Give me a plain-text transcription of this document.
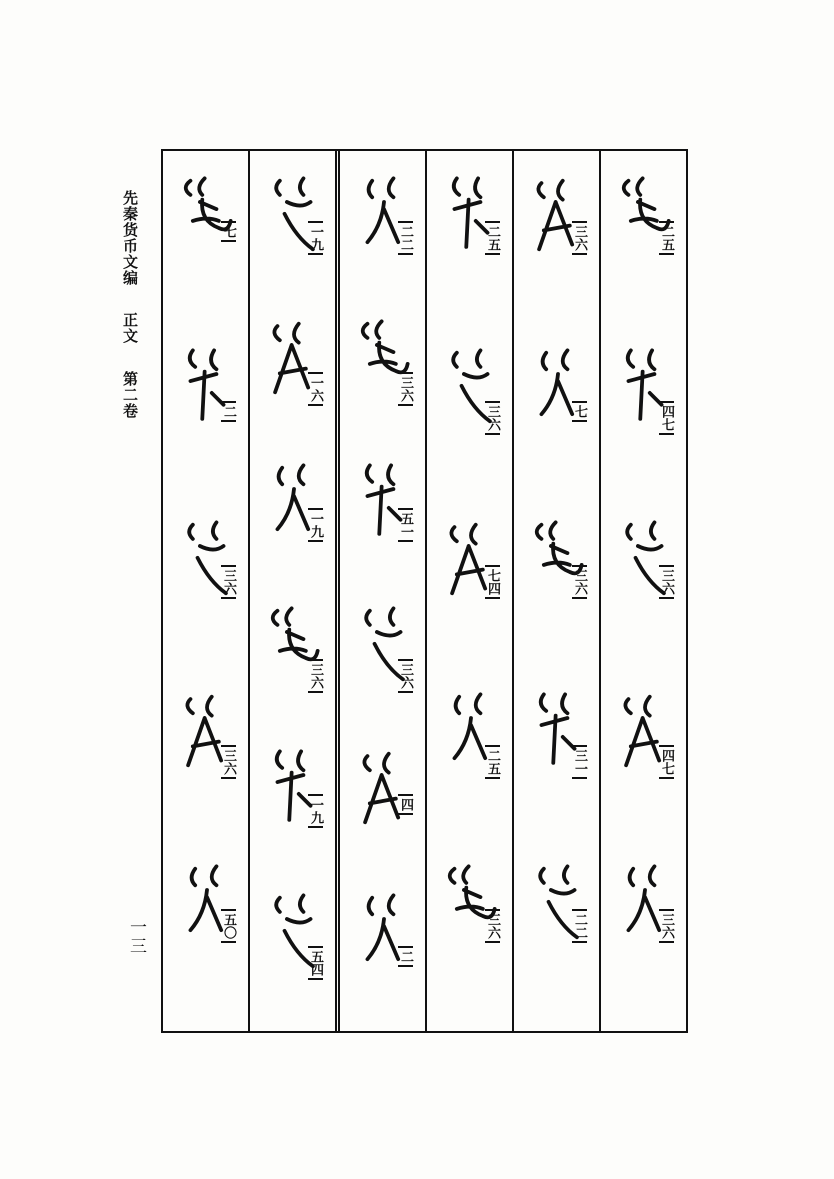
先秦货币文编  正文  第二卷
一三
二五
四七
三六
四七
三六
三六
七
三六
三一
二二
二五
三六
七四
二五
三六
二二
三六
五一
三六
四
二
一九
一六
一九
三六
一九
五四
七
二
三六
三六
五〇
